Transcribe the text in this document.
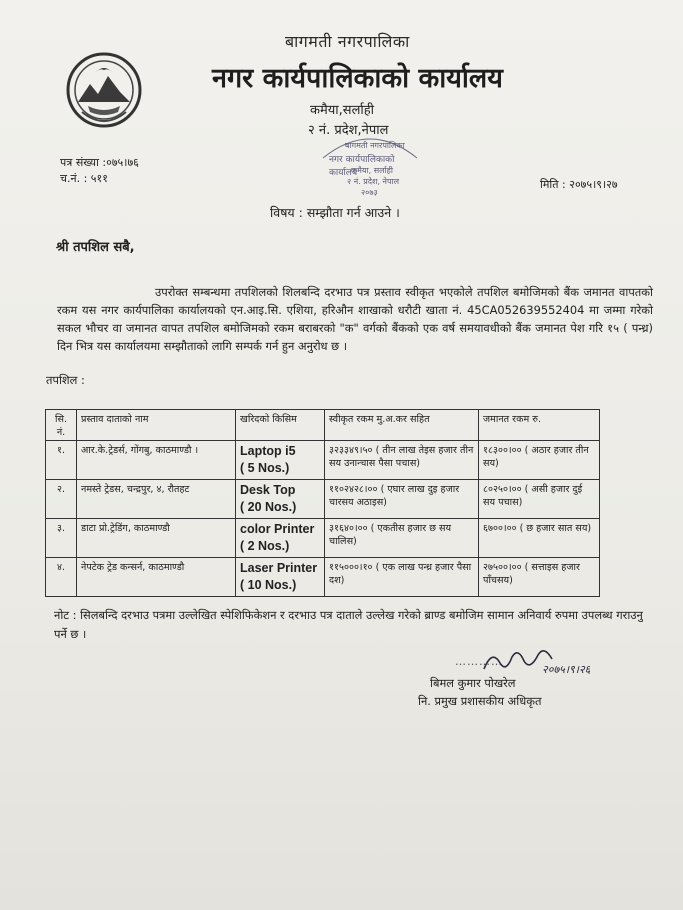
बागमती नगरपालिका
नगर कार्यपालिकाको कार्यालय
कमैया,सर्लाही
२ नं. प्रदेश,नेपाल
बागमती नगरपालिका
नगर कार्यपालिकाको कार्यालय
कमैया, सर्लाही
२ नं. प्रदेश, नेपाल
२०७३
पत्र संख्या :०७५।७६
च.नं. : ५११	मिति : २०७५।९।२७
विषय : सम्झौता गर्न आउने ।
श्री तपशिल सबै,
उपरोक्त सम्बन्धमा तपशिलको शिलबन्दि दरभाउ पत्र प्रस्ताव स्वीकृत भएकोले तपशिल बमोजिमको बैंक जमानत वापतको रकम यस नगर कार्यपालिका कार्यालयको एन.आइ.सि. एशिया, हरिऔन शाखाको धरौटी खाता नं. 45CA052639552404 मा जम्मा गरेको सकल भौचर वा जमानत वापत तपशिल बमोजिमको रकम बराबरको "क" वर्गको बैंकको एक वर्ष समयावधीको बैंक जमानत पेश गरि १५ ( पन्ध्र) दिन भित्र यस कार्यालयमा सम्झौताको लागि सम्पर्क गर्न हुन अनुरोध छ ।
तपशिल :
सि. नं.	प्रस्ताव दाताको नाम	खरिदको किसिम	स्वीकृत रकम मु.अ.कर सहित	जमानत रकम रु.
१.	आर.के.ट्रेडर्स, गोंगबु, काठमाण्डौ ।	Laptop i5
( 5 Nos.)	३२३३४९।५० ( तीन लाख तेइस हजार तीन सय उनान्चास पैसा पचास)	१८३००।०० ( अठार हजार तीन सय)
२.	नमस्ते ट्रेडस, चन्द्रपुर, ४, रौतहट	Desk Top
( 20 Nos.)	११०२४२८।०० ( एघार लाख दुइ हजार चारसय अठाइस)	८०२५०।०० ( असी हजार दुई सय पचास)
३.	डाटा प्रो.ट्रेडिंग, काठमाण्डौ	color Printer
( 2 Nos.)	३१६४०।०० ( एकतीस हजार छ सय चालिस)	६७००।०० ( छ हजार सात सय)
४.	नेपटेक ट्रेड कन्सर्न, काठमाण्डौ	Laser Printer
( 10 Nos.)	११५०००।१० ( एक लाख पन्ध्र हजार पैसा दश)	२७५००।०० ( सत्ताइस हजार पाँचसय)
नोट : सिलबन्दि दरभाउ पत्रमा उल्लेखित स्पेशिफिकेशन र दरभाउ पत्र दाताले उल्लेख गरेको ब्राण्ड बमोजिम सामान अनिवार्य रुपमा उपलब्ध गराउनु पर्ने छ ।
…………
२०७५।९।२६
बिमल कुमार पोखरेल
नि. प्रमुख प्रशासकीय अधिकृत
